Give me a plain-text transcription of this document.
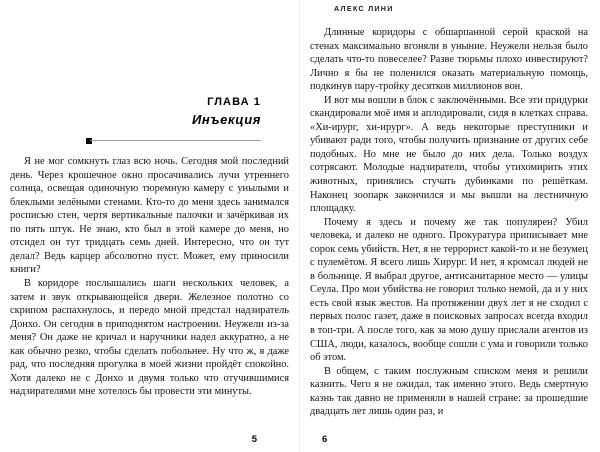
ГЛАВА 1
Инъекция

Я не мог сомкнуть глаз всю ночь. Сегодня мой последний день. Через крошечное окно просачивались лучи утреннего солнца, освещая одиночную тюремную камеру с унылыми и блеклыми зелёными стенами. Кто-то до меня здесь занимался росписью стен, чертя вертикальные палочки и зачёркивая их по пять штук. Не знаю, кто был в этой камере до меня, но отсидел он тут тридцать семь дней. Интересно, что он тут делал? Ведь карцер абсолютно пуст. Может, ему приносили книги?

В коридоре послышались шаги нескольких человек, а затем и звук открывающейся двери. Железное полотно со скрипом распахнулось, и передо мной предстал надзиратель Донхо. Он сегодня в приподнятом настроении. Неужели из-за меня? Он даже не кричал и наручники надел аккуратно, а не как обычно резко, чтобы сделать побольнее. Ну что ж, я даже рад, что последняя прогулка в моей жизни пройдёт спокойно. Хотя далеко не с Донхо и двумя только что отучившимися надзирателями мне хотелось бы провести эти минуты.

5
АЛЕКС ЛИНИ

Длинные коридоры с обшарпанной серой краской на стенах максимально вгоняли в уныние. Неужели нельзя было сделать что-то повеселее? Разве тюрьмы плохо инвестируют? Лично я бы не поленился оказать материальную помощь, подкинув пару-тройку десятков миллионов вон.

И вот мы вошли в блок с заключёнными. Все эти придурки скандировали моё имя и аплодировали, сидя в клетках справа. «Хи-ирург, хи-ирург». А ведь некоторые преступники и убивают ради того, чтобы получить признание от других себе подобных. Но мне не было до них дела. Только воздух сотрясают. Молодые надзиратели, чтобы утихомирить этих животных, принялись стучать дубинками по решёткам. Наконец зоопарк закончился и мы вышли на лестничную площадку.

Почему я здесь и почему же так популярен? Убил человека, и далеко не одного. Прокуратура приписывает мне сорок семь убийств. Нет, я не террорист какой-то и не безумец с пулемётом. Я всего лишь Хирург. И нет, я кромсал людей не в больнице. Я выбрал другое, антисанитарное место — улицы Сеула. Про мои убийства не говорил только немой, да и у них есть свой язык жестов. На протяжении двух лет я не сходил с первых полос газет, даже в поисковых запросах всегда входил в топ-три. А после того, как за мою душу прислали агентов из США, люди, казалось, вообще сошли с ума и говорили только об этом.

В общем, с таким послужным списком меня и решили казнить. Чего я не ожидал, так именно этого. Ведь смертную казнь так давно не применяли в нашей стране: за прошедшие двадцать лет лишь один раз, и

6
